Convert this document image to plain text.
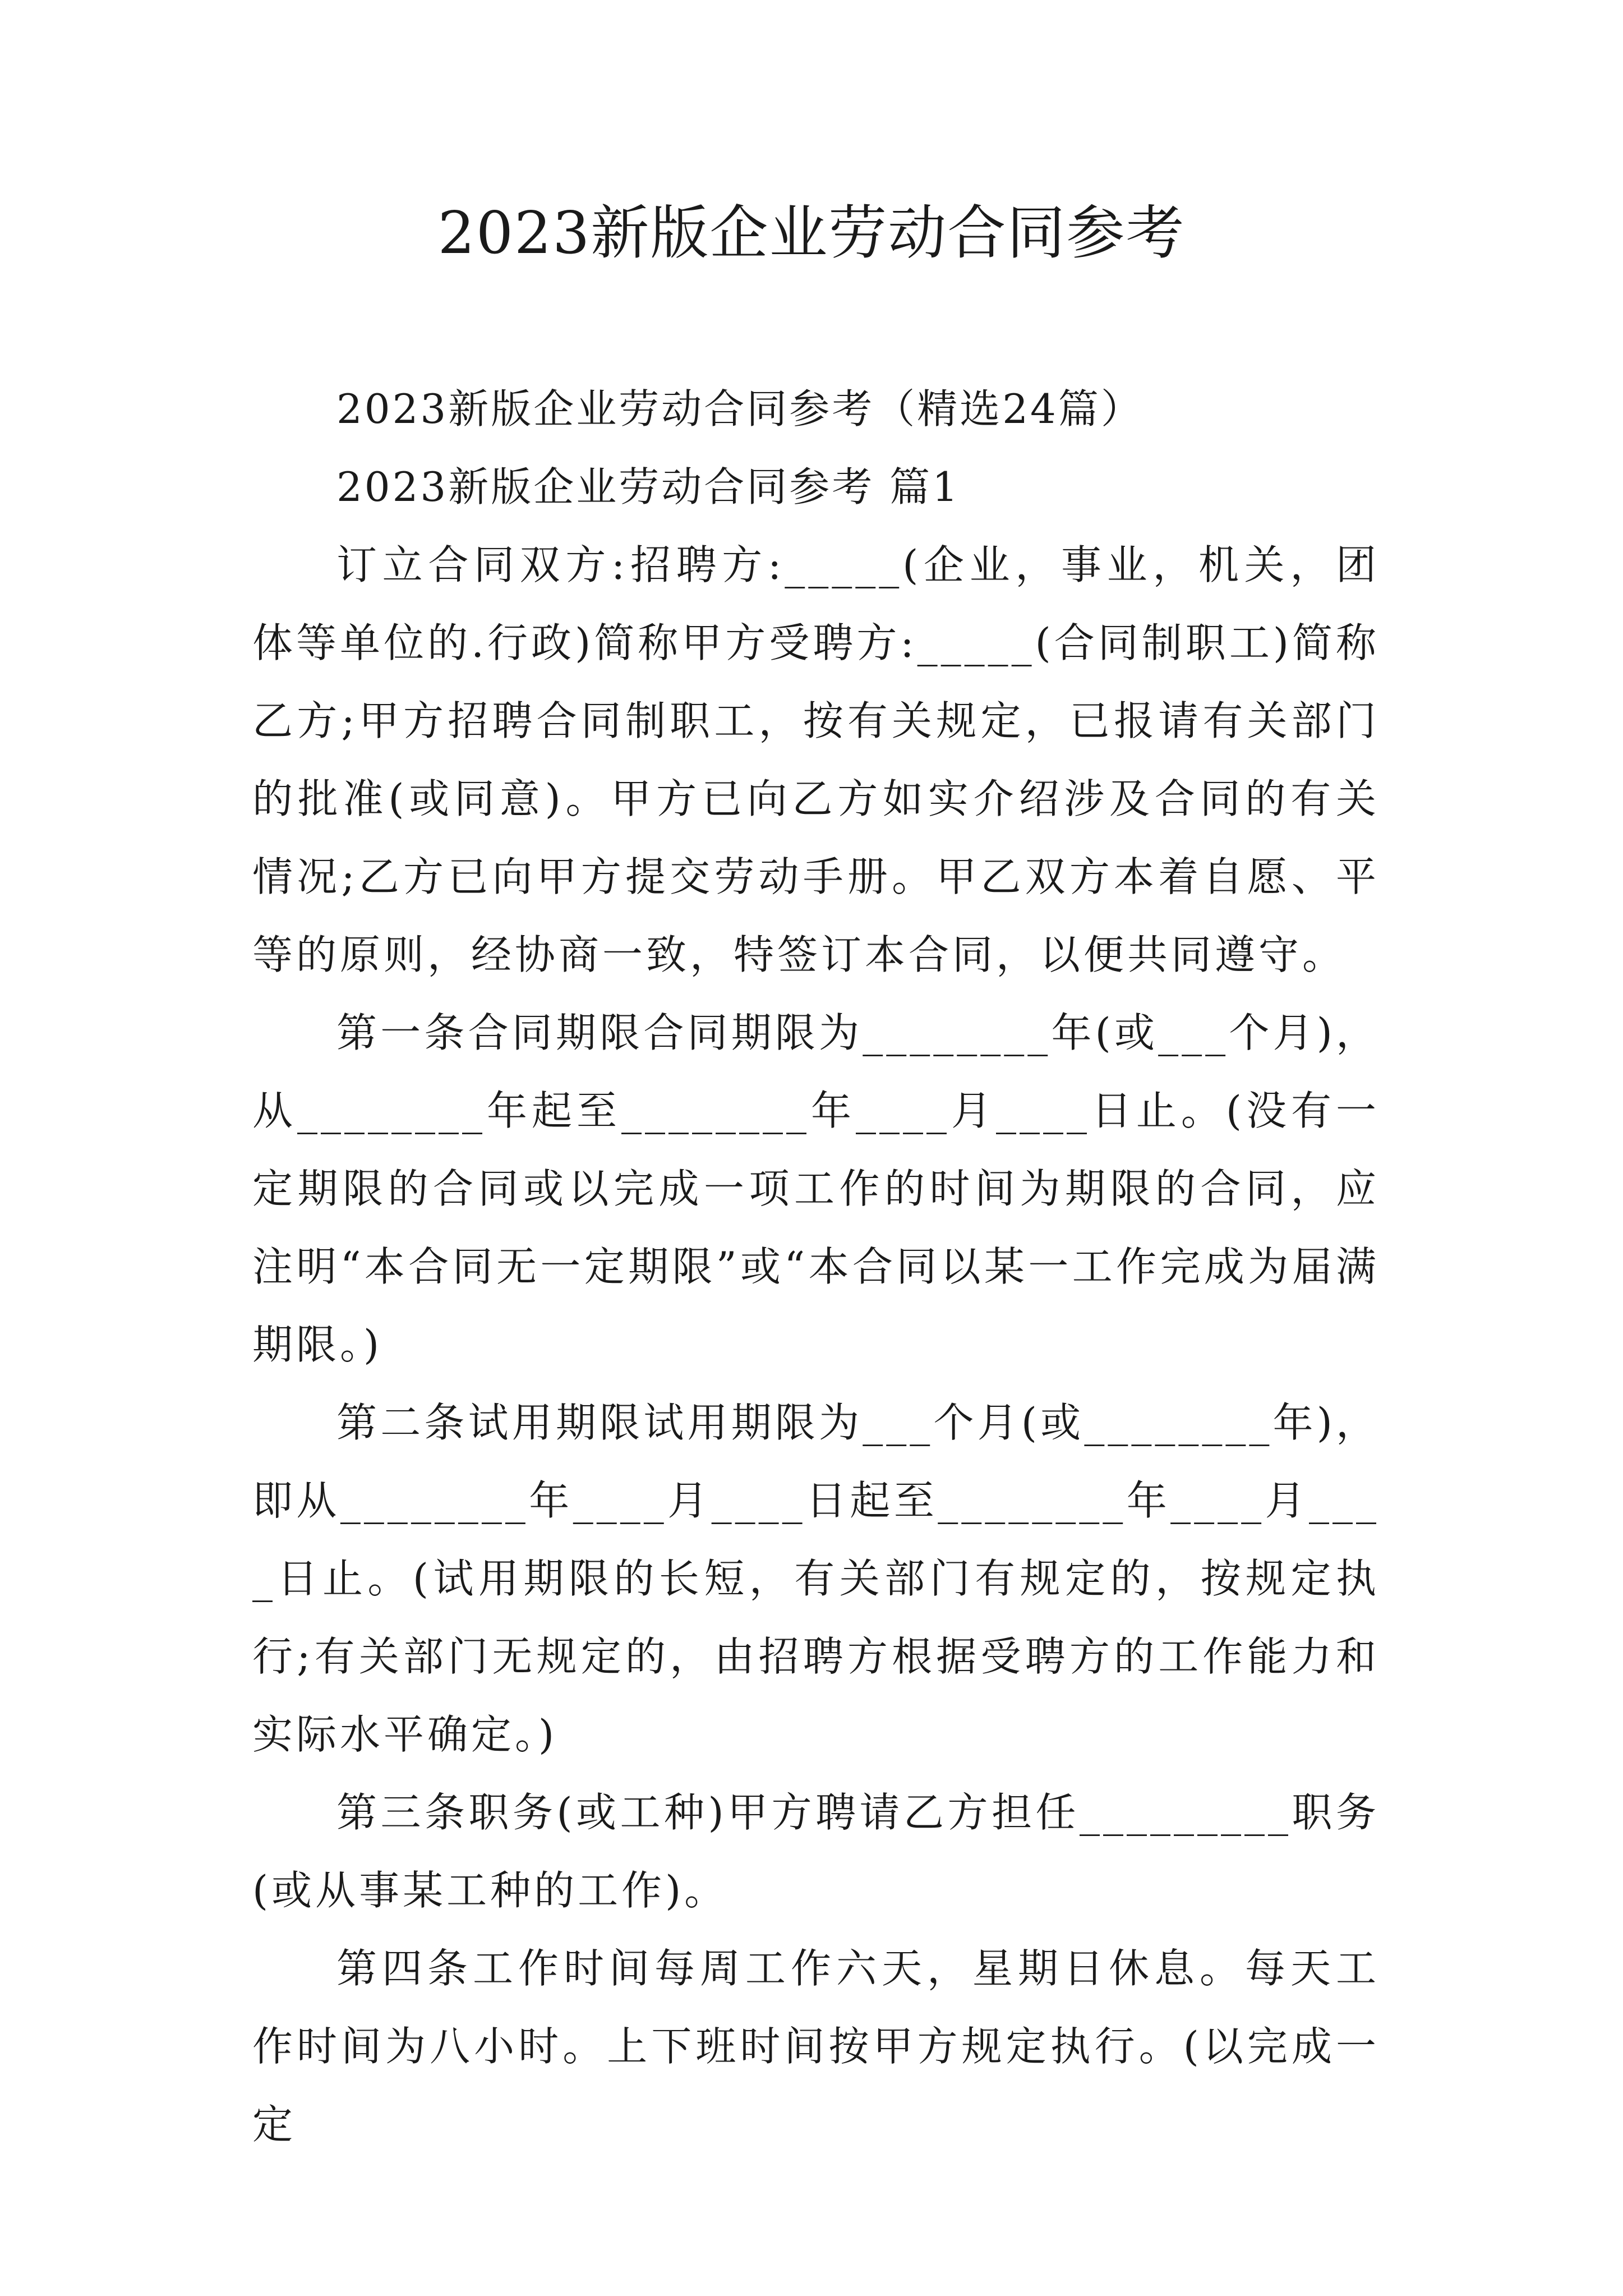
2023新版企业劳动合同参考

2023新版企业劳动合同参考（精选24篇）

2023新版企业劳动合同参考 篇1

订立合同双方:招聘方:_____(企业，事业，机关，团体等单位的.行政)简称甲方受聘方:_____(合同制职工)简称乙方;甲方招聘合同制职工，按有关规定，已报请有关部门的批准(或同意)。甲方已向乙方如实介绍涉及合同的有关情况;乙方已向甲方提交劳动手册。甲乙双方本着自愿、平等的原则，经协商一致，特签订本合同，以便共同遵守。

第一条合同期限合同期限为________年(或___个月)，从________年起至________年____月____日止。(没有一定期限的合同或以完成一项工作的时间为期限的合同，应注明“本合同无一定期限”或“本合同以某一工作完成为届满期限。)

第二条试用期限试用期限为___个月(或________年)，即从________年____月____日起至________年____月____日止。(试用期限的长短，有关部门有规定的，按规定执行;有关部门无规定的，由招聘方根据受聘方的工作能力和实际水平确定。)

第三条职务(或工种)甲方聘请乙方担任_________职务(或从事某工种的工作)。

第四条工作时间每周工作六天，星期日休息。每天工作时间为八小时。上下班时间按甲方规定执行。(以完成一定
